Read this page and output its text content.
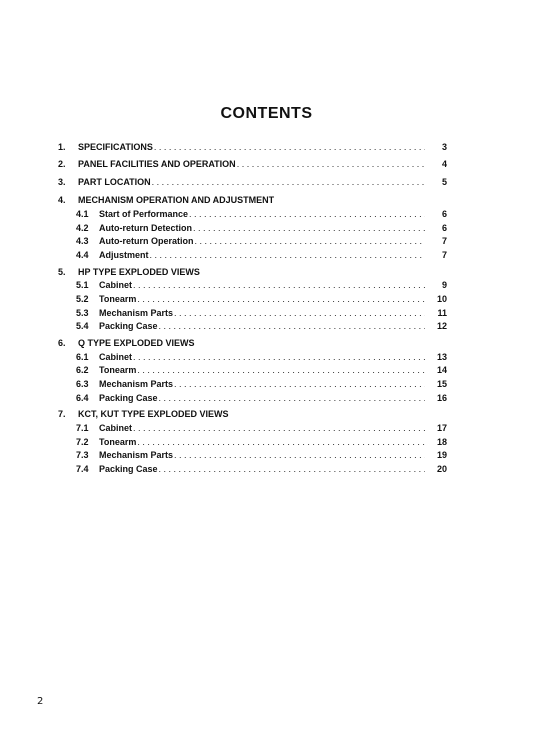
CONTENTS
1.	SPECIFICATIONS . . .	3
2.	PANEL FACILITIES AND OPERATION . . .	4
3.	PART LOCATION . . .	5
4.	MECHANISM OPERATION AND ADJUSTMENT
4.1	Start of Performance . . .	6
4.2	Auto-return Detection . . .	6
4.3	Auto-return Operation . . .	7
4.4	Adjustment . . .	7
5.	HP TYPE EXPLODED VIEWS
5.1	Cabinet . . .	9
5.2	Tonearm . . .	10
5.3	Mechanism Parts . . .	11
5.4	Packing Case . . .	12
6.	Q TYPE EXPLODED VIEWS
6.1	Cabinet . . .	13
6.2	Tonearm . . .	14
6.3	Mechanism Parts . . .	15
6.4	Packing Case . . .	16
7.	KCT, KUT TYPE EXPLODED VIEWS
7.1	Cabinet . . .	17
7.2	Tonearm . . .	18
7.3	Mechanism Parts . . .	19
7.4	Packing Case . . .	20
2
